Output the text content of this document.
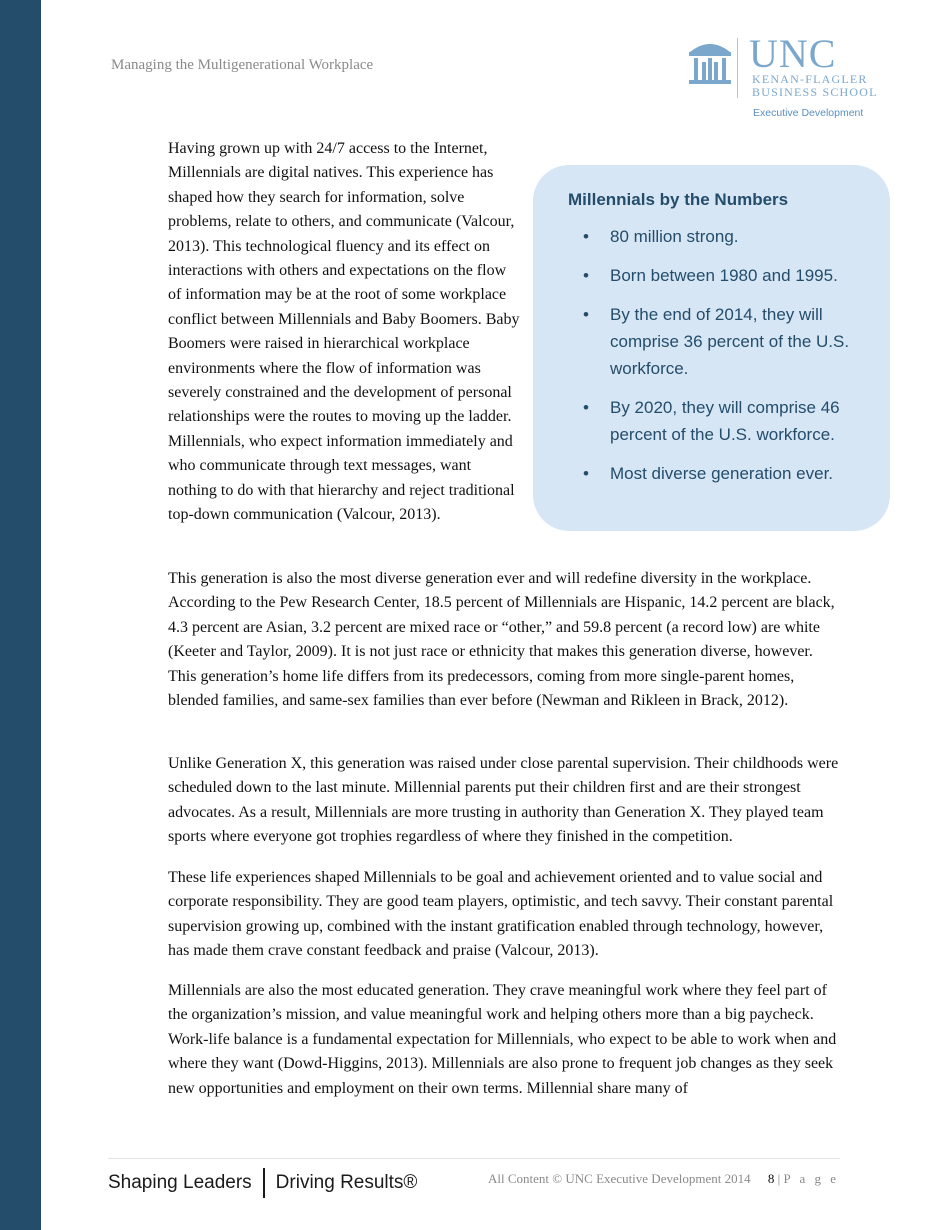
Managing the Multigenerational Workplace	UNC
KENAN-FLAGLER
BUSINESS SCHOOL
Executive Development

Having grown up with 24/7 access to the Internet, Millennials are digital natives. This experience has shaped how they search for information, solve problems, relate to others, and communicate (Valcour, 2013). This technological fluency and its effect on interactions with others and expectations on the flow of information may be at the root of some workplace conflict between Millennials and Baby Boomers. Baby Boomers were raised in hierarchical workplace environments where the flow of information was severely constrained and the development of personal relationships were the routes to moving up the ladder. Millennials, who expect information immediately and who communicate through text messages, want nothing to do with that hierarchy and reject traditional top-down communication (Valcour, 2013).

Millennials by the Numbers
• 80 million strong.
• Born between 1980 and 1995.
• By the end of 2014, they will comprise 36 percent of the U.S. workforce.
• By 2020, they will comprise 46 percent of the U.S. workforce.
• Most diverse generation ever.

This generation is also the most diverse generation ever and will redefine diversity in the workplace. According to the Pew Research Center, 18.5 percent of Millennials are Hispanic, 14.2 percent are black, 4.3 percent are Asian, 3.2 percent are mixed race or “other,” and 59.8 percent (a record low) are white (Keeter and Taylor, 2009). It is not just race or ethnicity that makes this generation diverse, however. This generation’s home life differs from its predecessors, coming from more single-parent homes, blended families, and same-sex families than ever before (Newman and Rikleen in Brack, 2012).

Unlike Generation X, this generation was raised under close parental supervision. Their childhoods were scheduled down to the last minute. Millennial parents put their children first and are their strongest advocates. As a result, Millennials are more trusting in authority than Generation X. They played team sports where everyone got trophies regardless of where they finished in the competition.

These life experiences shaped Millennials to be goal and achievement oriented and to value social and corporate responsibility. They are good team players, optimistic, and tech savvy. Their constant parental supervision growing up, combined with the instant gratification enabled through technology, however, has made them crave constant feedback and praise (Valcour, 2013).

Millennials are also the most educated generation. They crave meaningful work where they feel part of the organization’s mission, and value meaningful work and helping others more than a big paycheck. Work-life balance is a fundamental expectation for Millennials, who expect to be able to work when and where they want (Dowd-Higgins, 2013). Millennials are also prone to frequent job changes as they seek new opportunities and employment on their own terms. Millennial share many of

Shaping Leaders Driving Results®	All Content © UNC Executive Development 2014 8 | P a g e
